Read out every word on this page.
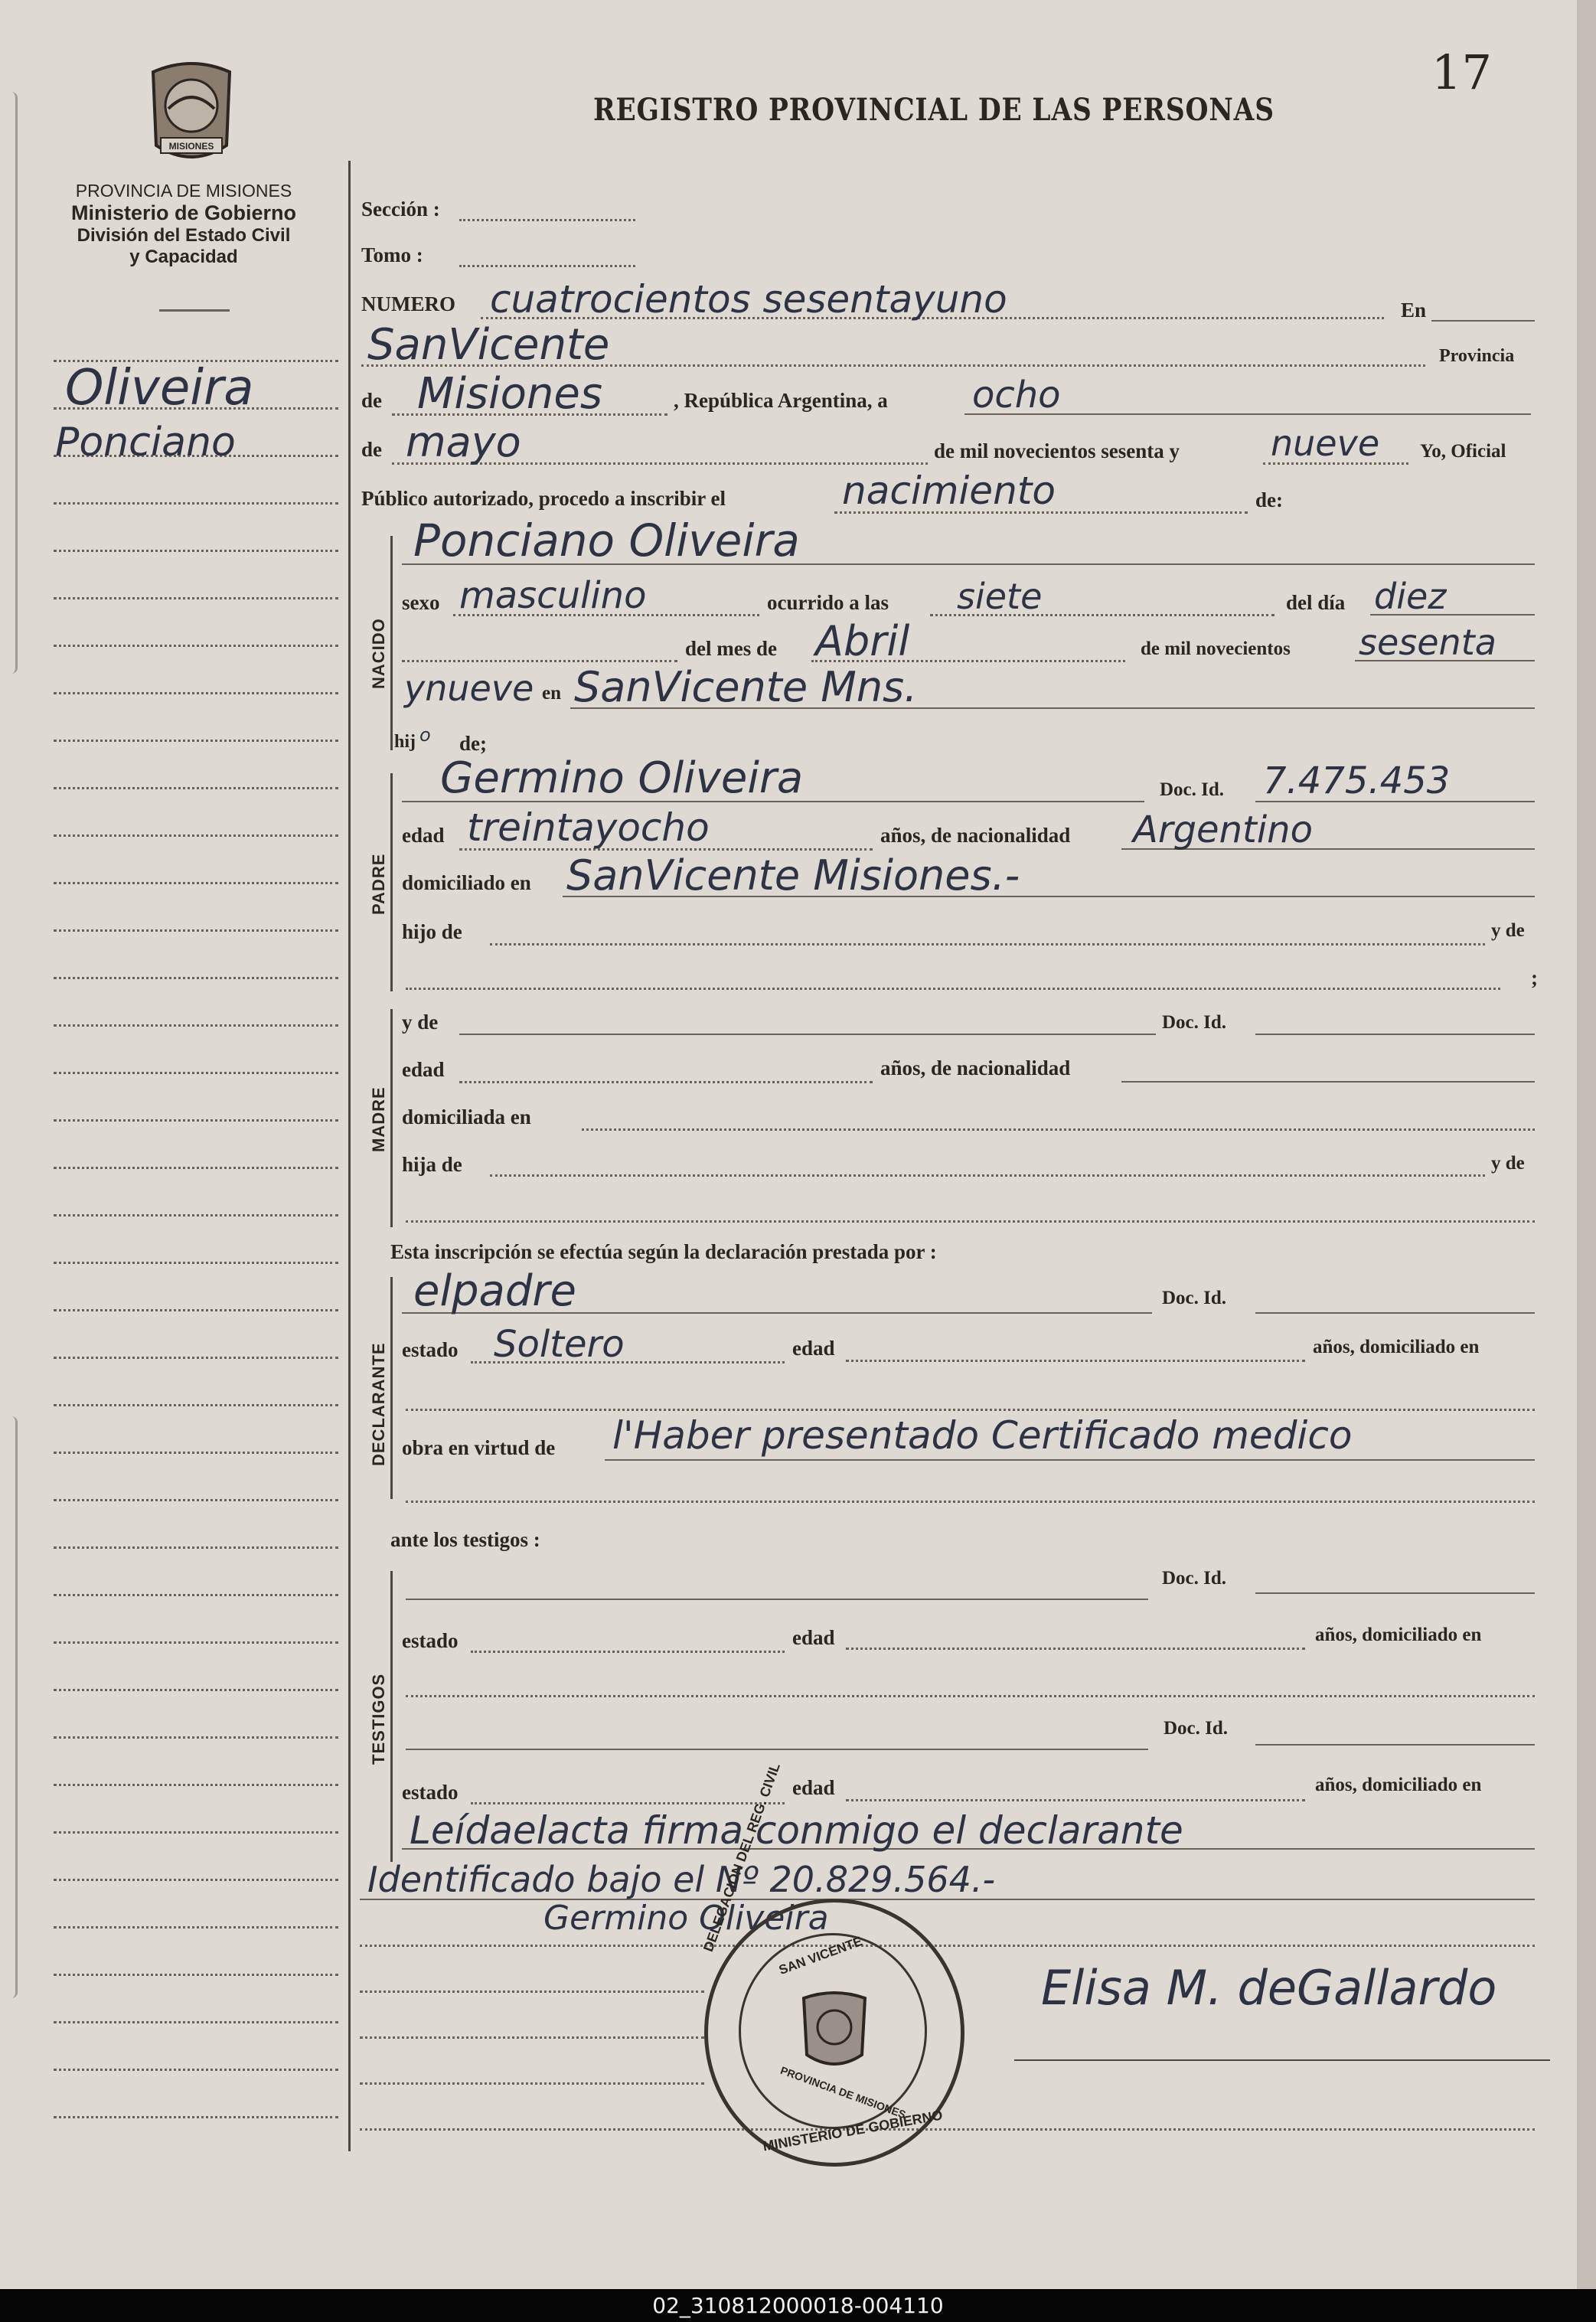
17
MISIONES
PROVINCIA DE MISIONES
Ministerio de Gobierno
División del Estado Civil
y Capacidad
REGISTRO PROVINCIAL DE LAS PERSONAS
Oliveira
Ponciano
Sección :
Tomo :
NUMERO cuatrocientos sesentayuno	En
SanVicente	Provincia
de Misiones	, República Argentina, a ocho
de mayo	de mil novecientos sesenta y	nueve Yo, Oficial
Público autorizado, procedo a inscribir el	nacimiento	de:
NACIDO
Ponciano Oliveira
sexo masculino	ocurrido a las siete	del día diez
del mes de Abril	de mil novecientos sesenta
ynueve en SanVicente Mns.
hij o de;
PADRE
Germino Oliveira	Doc. Id. 7.475.453
edad treintayocho	años, de nacionalidad Argentino
domiciliado en SanVicente Misiones.-
hijo de	y de
;
MADRE
y de	Doc. Id.
edad	años, de nacionalidad
domiciliada en
hija de	y de
Esta inscripción se efectúa según la declaración prestada por :
DECLARANTE
elpadre	Doc. Id.
estado Soltero	edad	años, domiciliado en
obra en virtud de l'Haber presentado Certificado medico
ante los testigos :
TESTIGOS
Doc. Id.
estado	edad	años, domiciliado en
Doc. Id.
estado	edad	años, domiciliado en
Leídaelacta firma conmigo el declarante
Identificado bajo el Nº 20.829.564.-
Germino Oliveira
Elisa M. deGallardo
DELEGACION DEL REG. CIVIL
SAN VICENTE
PROVINCIA DE MISIONES
MINISTERIO DE GOBIERNO
02_310812000018-004110
